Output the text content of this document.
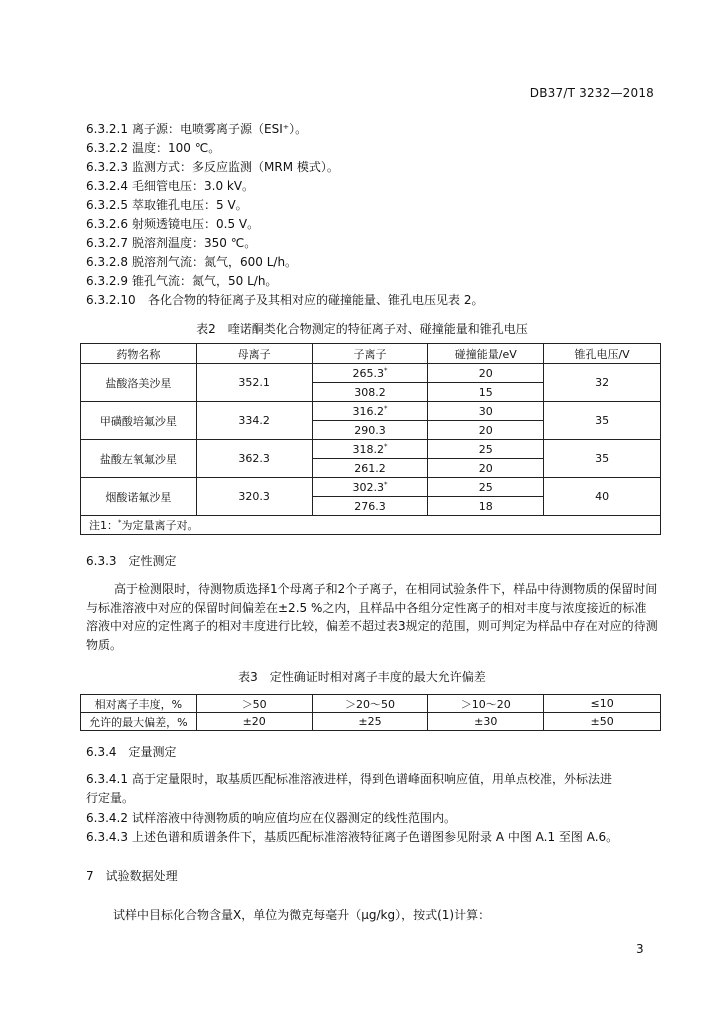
DB37/T 3232—2018
6.3.2.1 离子源：电喷雾离子源（ESI⁺）。
6.3.2.2 温度：100 ℃。
6.3.2.3 监测方式：多反应监测（MRM 模式）。
6.3.2.4 毛细管电压：3.0 kV。
6.3.2.5 萃取锥孔电压：5 V。
6.3.2.6 射频透镜电压：0.5 V。
6.3.2.7 脱溶剂温度：350 ℃。
6.3.2.8 脱溶剂气流：氮气，600 L/h。
6.3.2.9 锥孔气流：氮气，50 L/h。
6.3.2.10 各化合物的特征离子及其相对应的碰撞能量、锥孔电压见表 2。
表2　喹诺酮类化合物测定的特征离子对、碰撞能量和锥孔电压
药物名称	母离子	子离子	碰撞能量/eV	锥孔电压/V
盐酸洛美沙星	352.1	265.3*	20	32
		308.2	15	
甲磺酸培氟沙星	334.2	316.2*	30	35
		290.3	20	
盐酸左氧氟沙星	362.3	318.2*	25	35
		261.2	20	
烟酸诺氟沙星	320.3	302.3*	25	40
		276.3	18	
注1：*为定量离子对。				
6.3.3　定性测定
高于检测限时，待测物质选择1个母离子和2个子离子，在相同试验条件下，样品中待测物质的保留时间与标准溶液中对应的保留时间偏差在±2.5 %之内，且样品中各组分定性离子的相对丰度与浓度接近的标准溶液中对应的定性离子的相对丰度进行比较，偏差不超过表3规定的范围，则可判定为样品中存在对应的待测物质。
表3　定性确证时相对离子丰度的最大允许偏差
相对离子丰度，%	＞50	＞20～50	＞10～20	≤10
允许的最大偏差，%	±20	±25	±30	±50
6.3.4　定量测定
6.3.4.1 高于定量限时，取基质匹配标准溶液进样，得到色谱峰面积响应值，用单点校准，外标法进
行定量。
6.3.4.2 试样溶液中待测物质的响应值均应在仪器测定的线性范围内。
6.3.4.3 上述色谱和质谱条件下，基质匹配标准溶液特征离子色谱图参见附录 A 中图 A.1 至图 A.6。
7　试验数据处理
试样中目标化合物含量X，单位为微克每毫升（μg/kg），按式(1)计算：
3
